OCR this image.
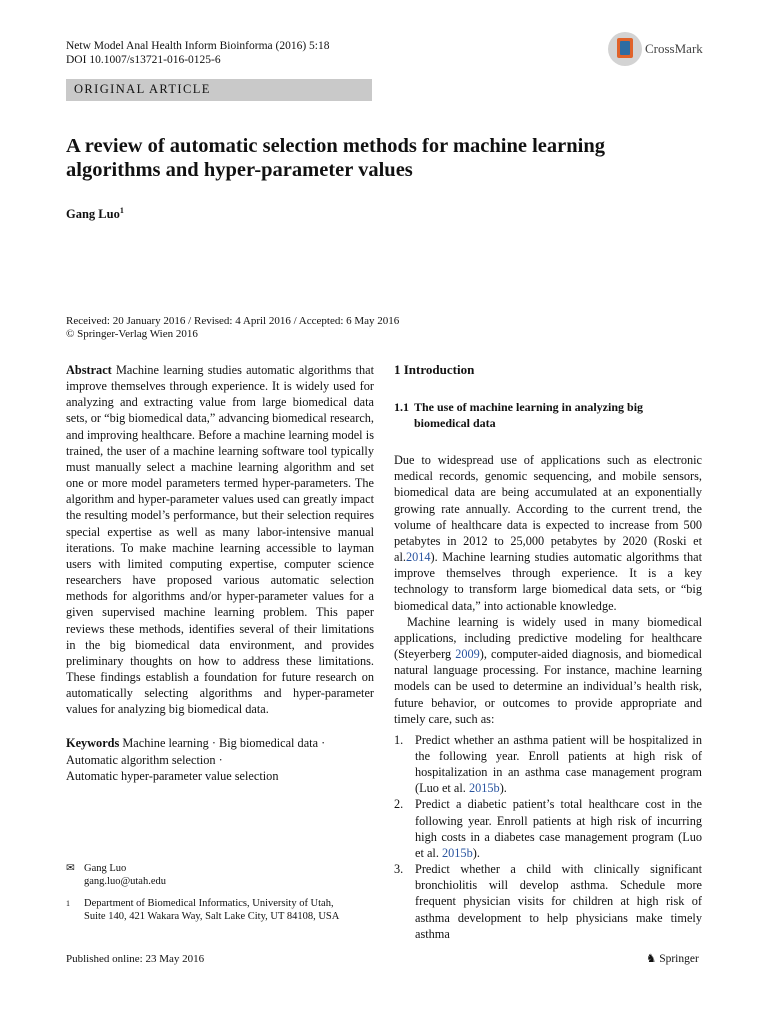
Netw Model Anal Health Inform Bioinforma (2016) 5:18
DOI 10.1007/s13721-016-0125-6
CrossMark
ORIGINAL ARTICLE
A review of automatic selection methods for machine learning algorithms and hyper-parameter values
Gang Luo$^1$
Received: 20 January 2016 / Revised: 4 April 2016 / Accepted: 6 May 2016
© Springer-Verlag Wien 2016

Abstract Machine learning studies automatic algorithms that improve themselves through experience. It is widely used for analyzing and extracting value from large biomedical data sets, or “big biomedical data,” advancing biomedical research, and improving healthcare. Before a machine learning model is trained, the user of a machine learning software tool typically must manually select a machine learning algorithm and set one or more model parameters termed hyper-parameters. The algorithm and hyper-parameter values used can greatly impact the resulting model’s performance, but their selection requires special expertise as well as many labor-intensive manual iterations. To make machine learning accessible to layman users with limited computing expertise, computer science researchers have proposed various automatic selection methods for algorithms and/or hyper-parameter values for a given supervised machine learning problem. This paper reviews these methods, identifies several of their limitations in the big biomedical data environment, and provides preliminary thoughts on how to address these limitations. These findings establish a foundation for future research on automatically selecting algorithms and hyper-parameter values for analyzing big biomedical data.

Keywords Machine learning · Big biomedical data ·
Automatic algorithm selection ·
Automatic hyper-parameter value selection
✉ Gang Luo
gang.luo@utah.edu
1	Department of Biomedical Informatics, University of Utah,
Suite 140, 421 Wakara Way, Salt Lake City, UT 84108, USA
1 Introduction
1.1 The use of machine learning in analyzing big biomedical data

Due to widespread use of applications such as electronic medical records, genomic sequencing, and mobile sensors, biomedical data are being accumulated at an exponentially growing rate annually. According to the current trend, the volume of healthcare data is expected to increase from 500 petabytes in 2012 to 25,000 petabytes by 2020 (Roski et al.2014). Machine learning studies automatic algorithms that improve themselves through experience. It is a key technology to transform large biomedical data sets, or “big biomedical data,” into actionable knowledge.

Machine learning is widely used in many biomedical applications, including predictive modeling for healthcare (Steyerberg 2009), computer-aided diagnosis, and biomedical natural language processing. For instance, machine learning models can be used to determine an individual’s health risk, future behavior, or outcomes to provide appropriate and timely care, such as:

1. Predict whether an asthma patient will be hospitalized in the following year. Enroll patients at high risk of hospitalization in an asthma case management program (Luo et al. 2015b).
2. Predict a diabetic patient’s total healthcare cost in the following year. Enroll patients at high risk of incurring high costs in a diabetes case management program (Luo et al. 2015b).
3. Predict whether a child with clinically significant bronchiolitis will develop asthma. Schedule more frequent physician visits for children at high risk of asthma development to help physicians make timely asthma
Published online: 23 May 2016	♞ Springer
